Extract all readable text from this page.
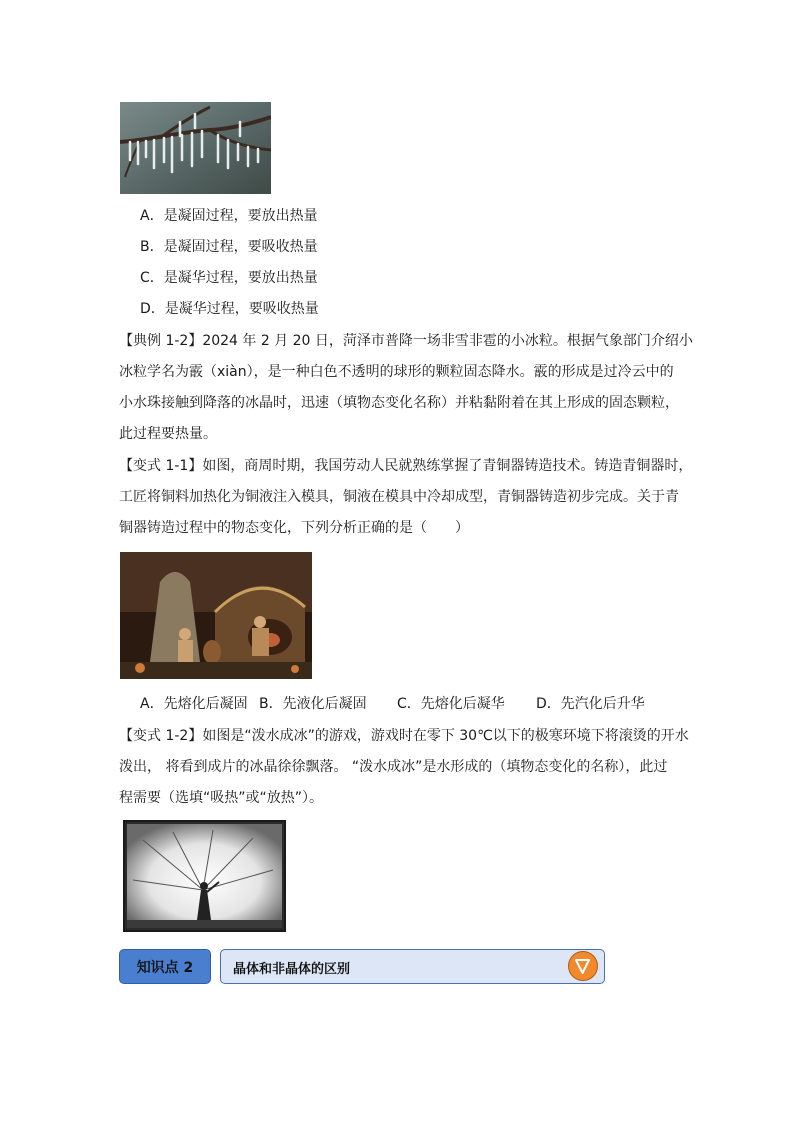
A．是凝固过程，要放出热量
B．是凝固过程，要吸收热量
C．是凝华过程，要放出热量
D．是凝华过程，要吸收热量
【典例 1-2】2024 年 2 月 20 日，菏泽市普降一场非雪非雹的小冰粒。根据气象部门介绍小
冰粒学名为霰（xiàn），是一种白色不透明的球形的颗粒固态降水。霰的形成是过冷云中的
小水珠接触到降落的冰晶时，迅速（填物态变化名称）并粘黏附着在其上形成的固态颗粒，
此过程要热量。
【变式 1-1】如图，商周时期，我国劳动人民就熟练掌握了青铜器铸造技术。铸造青铜器时，
工匠将铜料加热化为铜液注入模具，铜液在模具中冷却成型，青铜器铸造初步完成。关于青
铜器铸造过程中的物态变化，下列分析正确的是（　　）
A．先熔化后凝固 B．先液化后凝固 C．先熔化后凝华 D．先汽化后升华
【变式 1-2】如图是“泼水成冰”的游戏，游戏时在零下 30℃以下的极寒环境下将滚烫的开水
泼出， 将看到成片的冰晶徐徐飘落。 “泼水成冰”是水形成的（填物态变化的名称），此过
程需要（选填“吸热”或“放热”）。
知识点 2	晶体和非晶体的区别
